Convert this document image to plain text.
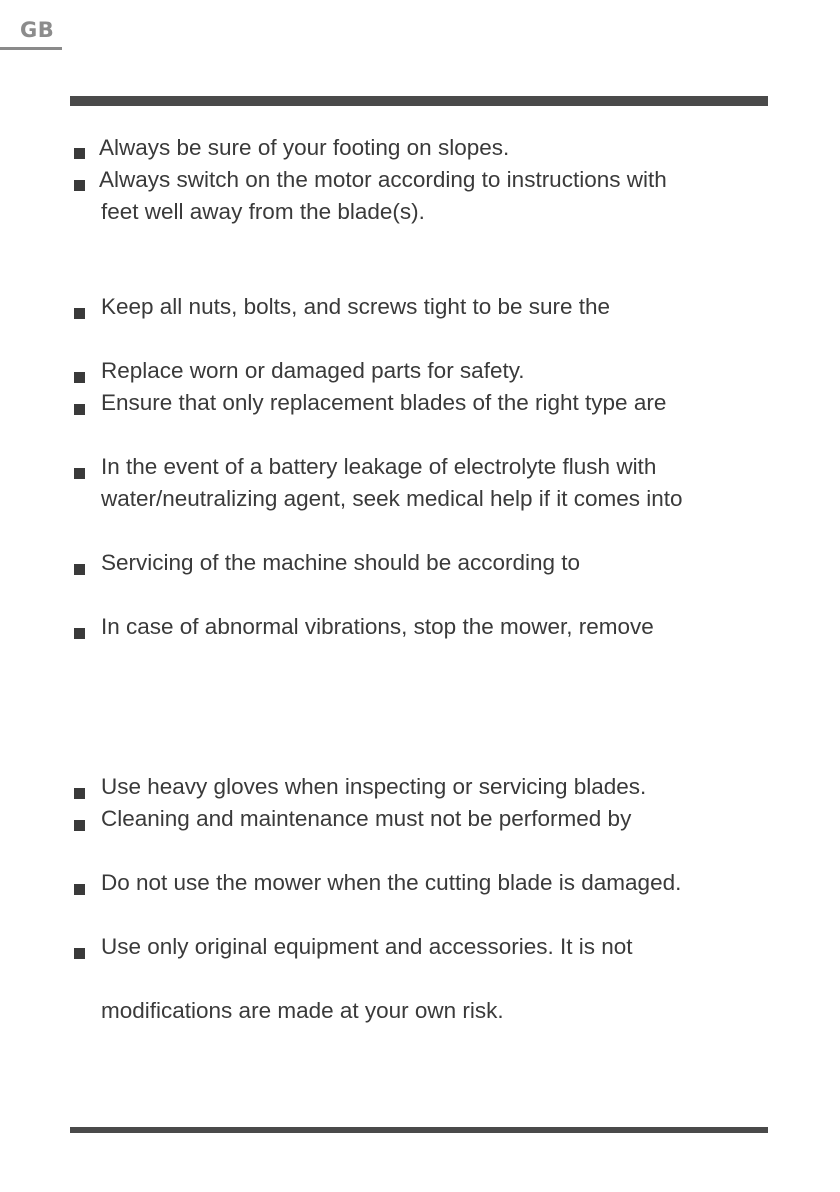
GB
Always be sure of your footing on slopes.
Always switch on the motor according to instructions with
feet well away from the blade(s).
Keep all nuts, bolts, and screws tight to be sure the
Replace worn or damaged parts for safety.
Ensure that only replacement blades of the right type are
In the event of a battery leakage of electrolyte flush with
water/neutralizing agent, seek medical help if it comes into
Servicing of the machine should be according to
In case of abnormal vibrations, stop the mower, remove
Use heavy gloves when inspecting or servicing blades.
Cleaning and maintenance must not be performed by
Do not use the mower when the cutting blade is damaged.
Use only original equipment and accessories. It is not
modifications are made at your own risk.
